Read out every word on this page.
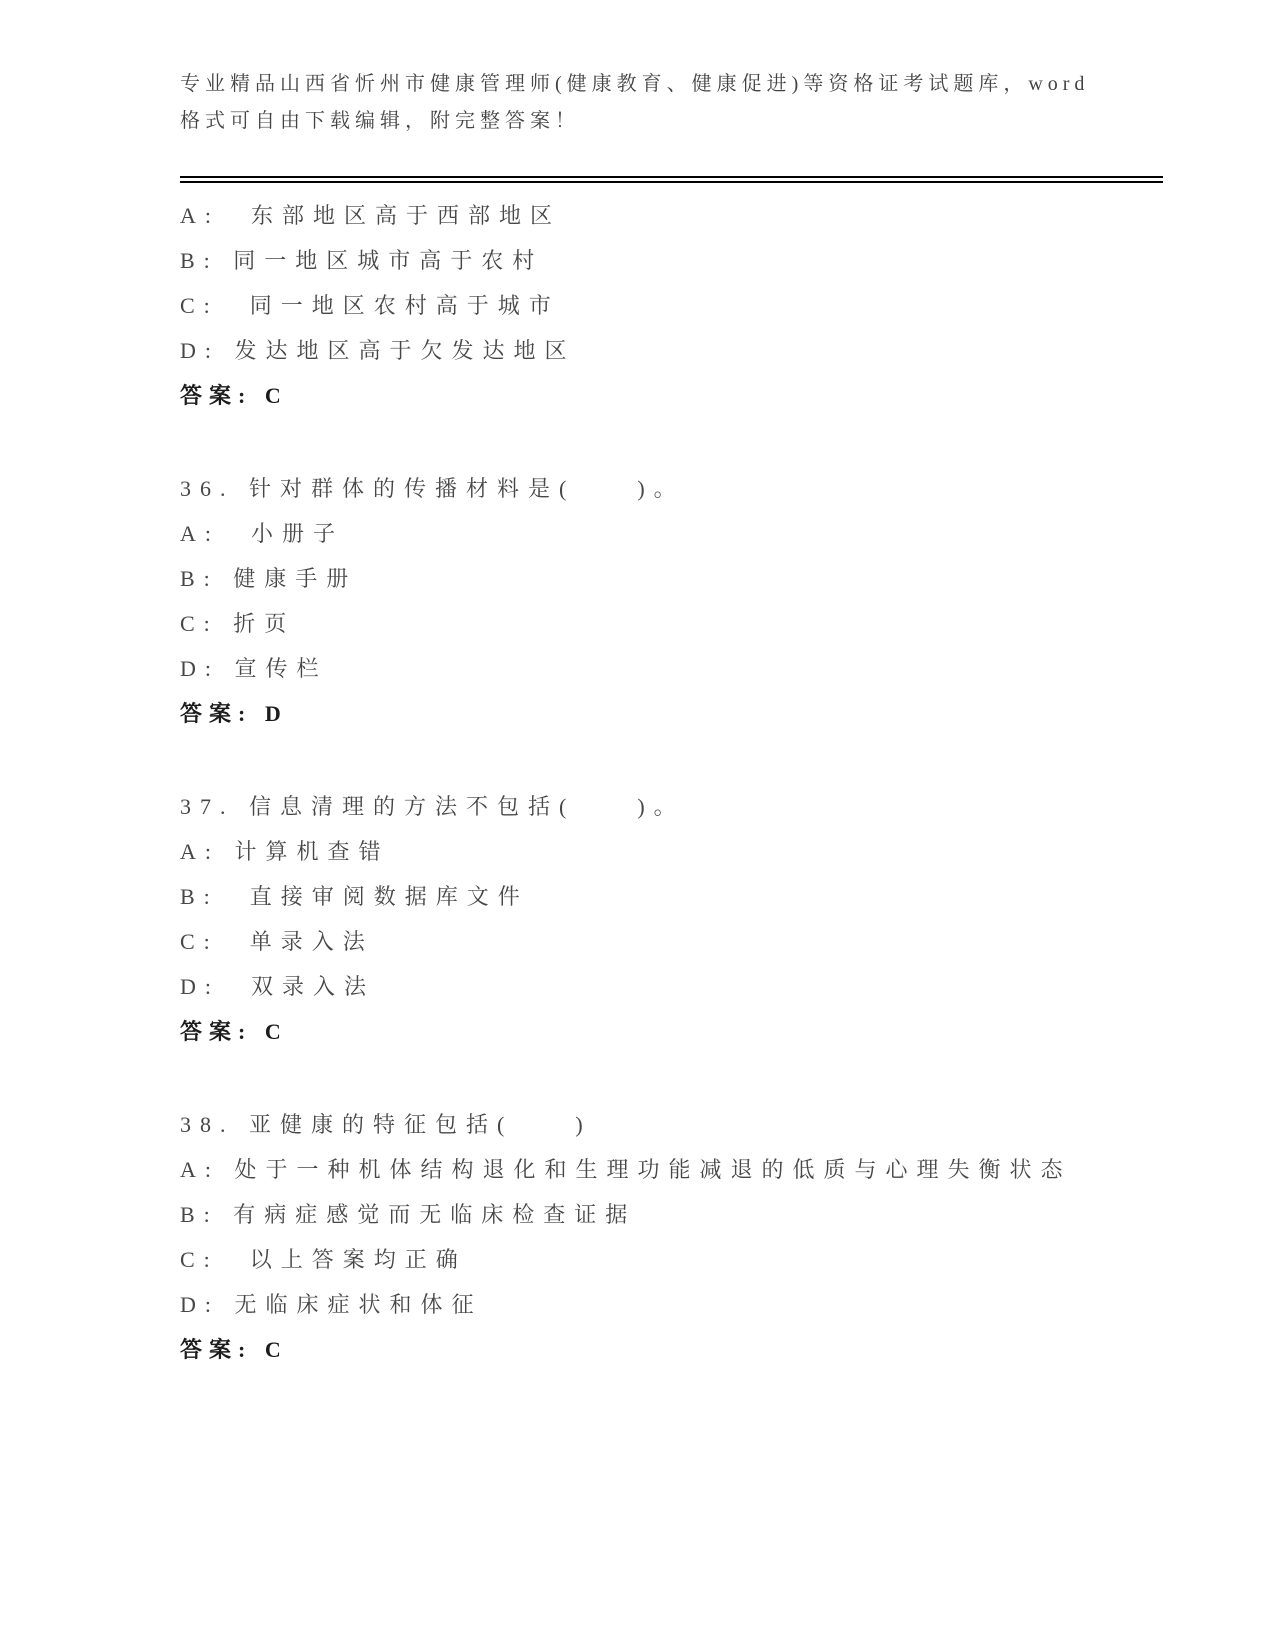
专业精品山西省忻州市健康管理师(健康教育、健康促进)等资格证考试题库，word
格式可自由下载编辑，附完整答案！
A:　东部地区高于西部地区
B: 同一地区城市高于农村
C:　同一地区农村高于城市
D: 发达地区高于欠发达地区
答案: C
36. 针对群体的传播材料是(　　)。
A:　小册子
B: 健康手册
C: 折页
D: 宣传栏
答案: D
37. 信息清理的方法不包括(　　)。
A: 计算机查错
B:　直接审阅数据库文件
C:　单录入法
D:　双录入法
答案: C
38. 亚健康的特征包括(　　)
A: 处于一种机体结构退化和生理功能减退的低质与心理失衡状态
B: 有病症感觉而无临床检查证据
C:　以上答案均正确
D: 无临床症状和体征
答案: C
